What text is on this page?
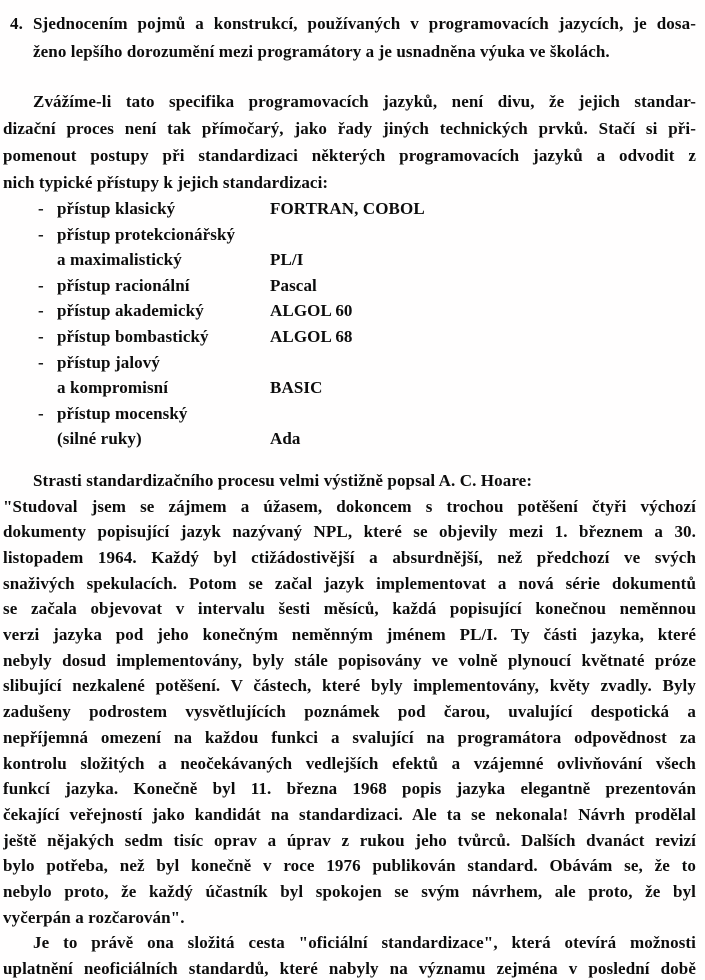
4. Sjednocením pojmů a konstrukcí, používaných v programovacích jazycích, je dosa-
ženo lepšího dorozumění mezi programátory a je usnadněna výuka ve školách.
Zvážíme-li tato specifika programovacích jazyků, není divu, že jejich standar-
dizační proces není tak přímočarý, jako řady jiných technických prvků. Stačí si při-
pomenout postupy při standardizaci některých programovacích jazyků a odvodit z
nich typické přístupy k jejich standardizaci:
- přístup klasický	FORTRAN, COBOL
- přístup protekcionářský
a maximalistický	PL/I
- přístup racionální	Pascal
- přístup akademický	ALGOL 60
- přístup bombastický	ALGOL 68
- přístup jalový
a kompromisní	BASIC
- přístup mocenský
(silné ruky)	Ada
Strasti standardizačního procesu velmi výstižně popsal A. C. Hoare:
"Studoval jsem se zájmem a úžasem, dokoncem s trochou potěšení čtyři výchozí
dokumenty popisující jazyk nazývaný NPL, které se objevily mezi 1. březnem a 30.
listopadem 1964. Každý byl ctižádostivější a absurdnější, než předchozí ve svých
snaživých spekulacích. Potom se začal jazyk implementovat a nová série dokumentů
se začala objevovat v intervalu šesti měsíců, každá popisující konečnou neměnnou
verzi jazyka pod jeho konečným neměnným jménem PL/I. Ty části jazyka, které
nebyly dosud implementovány, byly stále popisovány ve volně plynoucí květnaté próze
slibující nezkalené potěšení. V částech, které byly implementovány, květy zvadly. Byly
zadušeny podrostem vysvětlujících poznámek pod čarou, uvalující despotická a
nepříjemná omezení na každou funkci a svalující na programátora odpovědnost za
kontrolu složitých a neočekávaných vedlejších efektů a vzájemné ovlivňování všech
funkcí jazyka. Konečně byl 11. března 1968 popis jazyka elegantně prezentován
čekající veřejností jako kandidát na standardizaci. Ale ta se nekonala! Návrh prodělal
ještě nějakých sedm tisíc oprav a úprav z rukou jeho tvůrců. Dalších dvanáct revizí
bylo potřeba, než byl konečně v roce 1976 publikován standard. Obávám se, že to
nebylo proto, že každý účastník byl spokojen se svým návrhem, ale proto, že byl
vyčerpán a rozčarován".
Je to právě ona složitá cesta "oficiální standardizace", která otevírá možnosti
uplatnění neoficiálních standardů, které nabyly na významu zejména v poslední době
